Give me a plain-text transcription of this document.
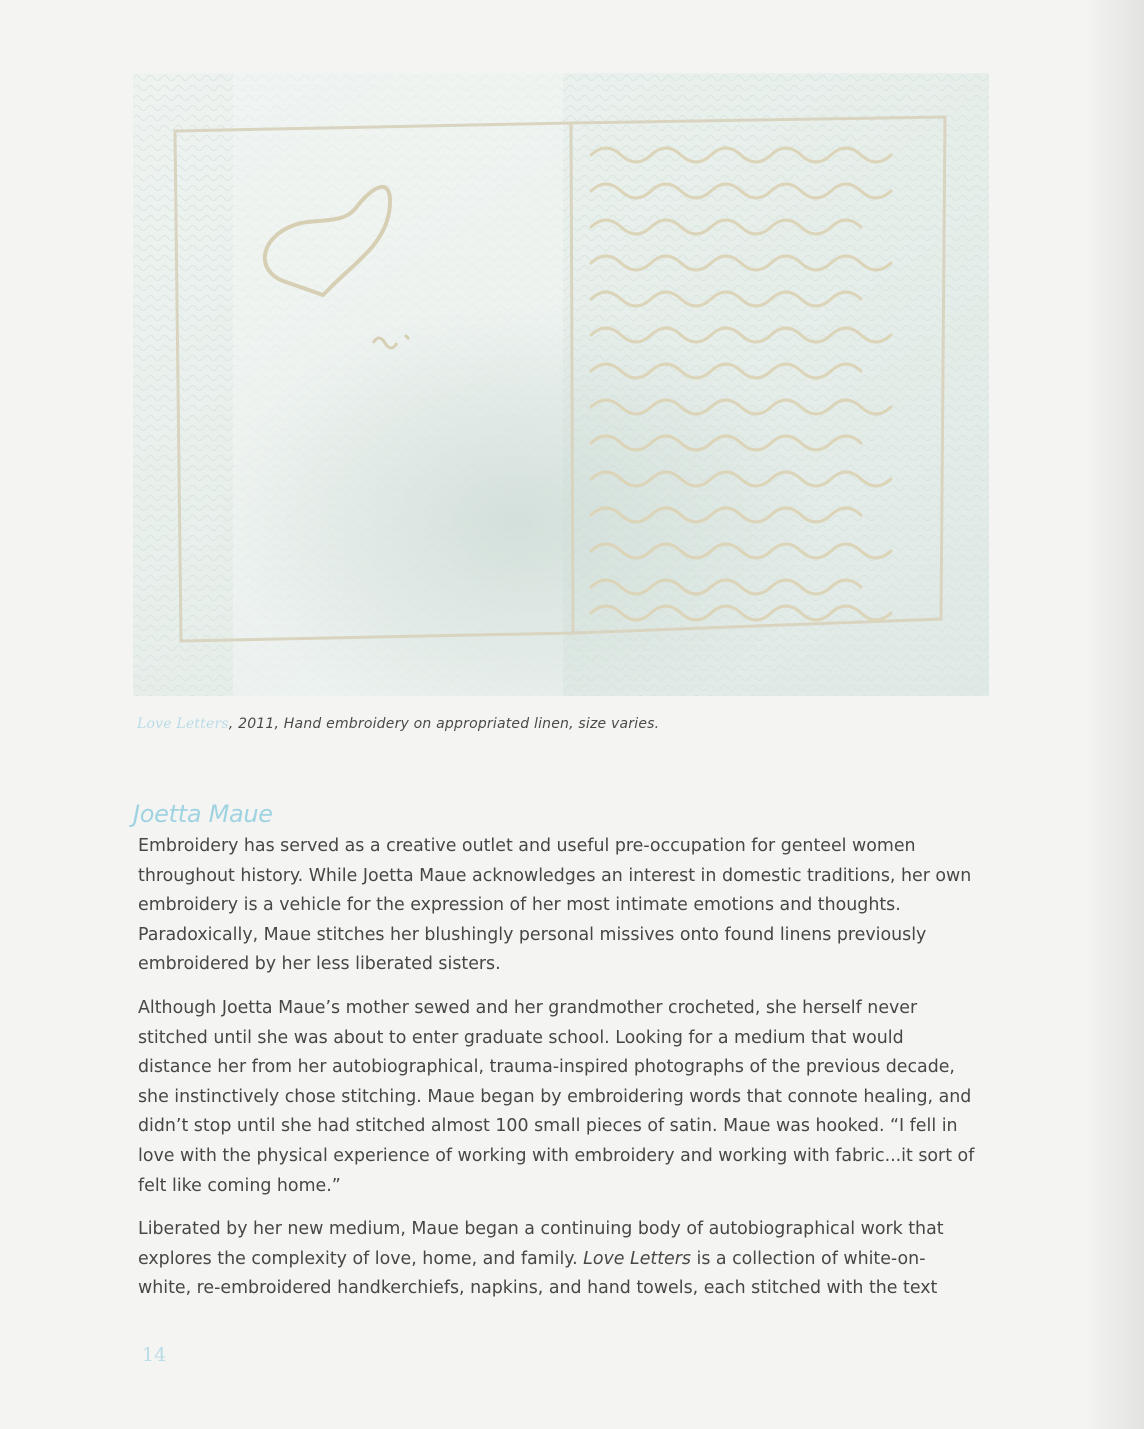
Love Letters, 2011, Hand embroidery on appropriated linen, size varies.
Joetta Maue

Embroidery has served as a creative outlet and useful pre-occupation for genteel women throughout history. While Joetta Maue acknowledges an interest in domestic traditions, her own embroidery is a vehicle for the expression of her most intimate emotions and thoughts. Paradoxically, Maue stitches her blushingly personal missives onto found linens previously embroidered by her less liberated sisters.

Although Joetta Maue’s mother sewed and her grandmother crocheted, she herself never stitched until she was about to enter graduate school. Looking for a medium that would distance her from her autobiographical, trauma-inspired photographs of the previous decade, she instinctively chose stitching. Maue began by embroidering words that connote healing, and didn’t stop until she had stitched almost 100 small pieces of satin. Maue was hooked. “I fell in love with the physical experience of working with embroidery and working with fabric...it sort of felt like coming home.”

Liberated by her new medium, Maue began a continuing body of autobiographical work that explores the complexity of love, home, and family. Love Letters is a collection of white-on-white, re-embroidered handkerchiefs, napkins, and hand towels, each stitched with the text

14
